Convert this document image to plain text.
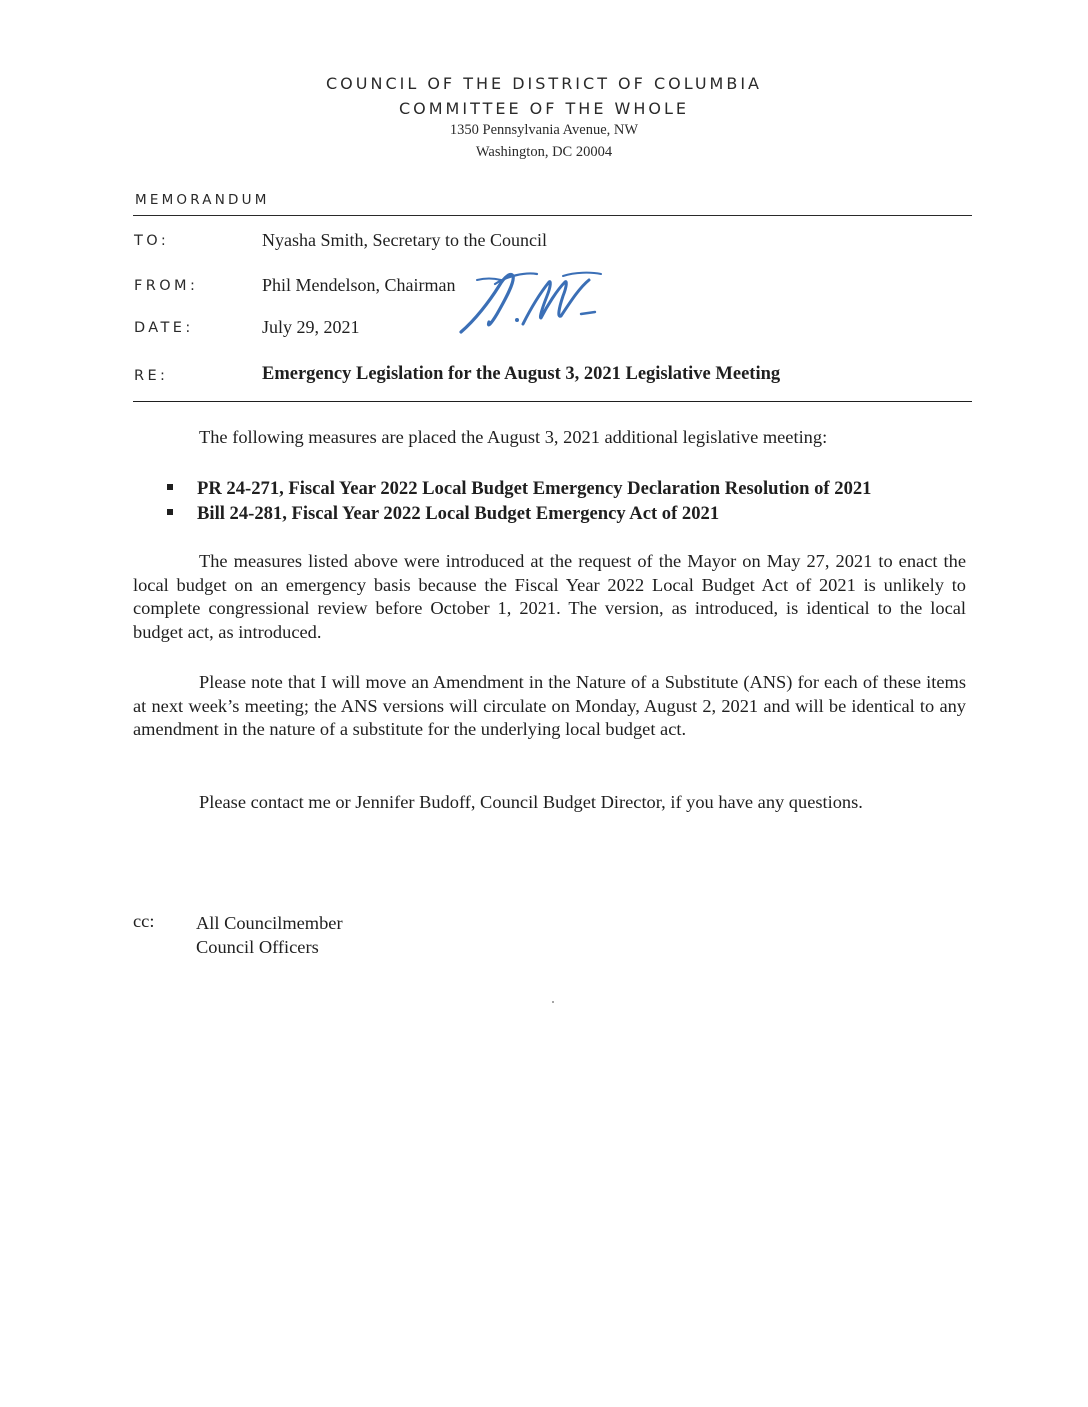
COUNCIL OF THE DISTRICT OF COLUMBIA
COMMITTEE OF THE WHOLE
1350 Pennsylvania Avenue, NW
Washington, DC 20004
MEMORANDUM
TO:	Nyasha Smith, Secretary to the Council
FROM:	Phil Mendelson, Chairman
DATE:	July 29, 2021
RE:	Emergency Legislation for the August 3, 2021 Legislative Meeting
The following measures are placed the August 3, 2021 additional legislative meeting:
PR 24-271, Fiscal Year 2022 Local Budget Emergency Declaration Resolution of 2021
Bill 24-281, Fiscal Year 2022 Local Budget Emergency Act of 2021
The measures listed above were introduced at the request of the Mayor on May 27, 2021 to enact the local budget on an emergency basis because the Fiscal Year 2022 Local Budget Act of 2021 is unlikely to complete congressional review before October 1, 2021. The version, as introduced, is identical to the local budget act, as introduced.
Please note that I will move an Amendment in the Nature of a Substitute (ANS) for each of these items at next week’s meeting; the ANS versions will circulate on Monday, August 2, 2021 and will be identical to any amendment in the nature of a substitute for the underlying local budget act.
Please contact me or Jennifer Budoff, Council Budget Director, if you have any questions.
cc: All Councilmember
Council Officers
